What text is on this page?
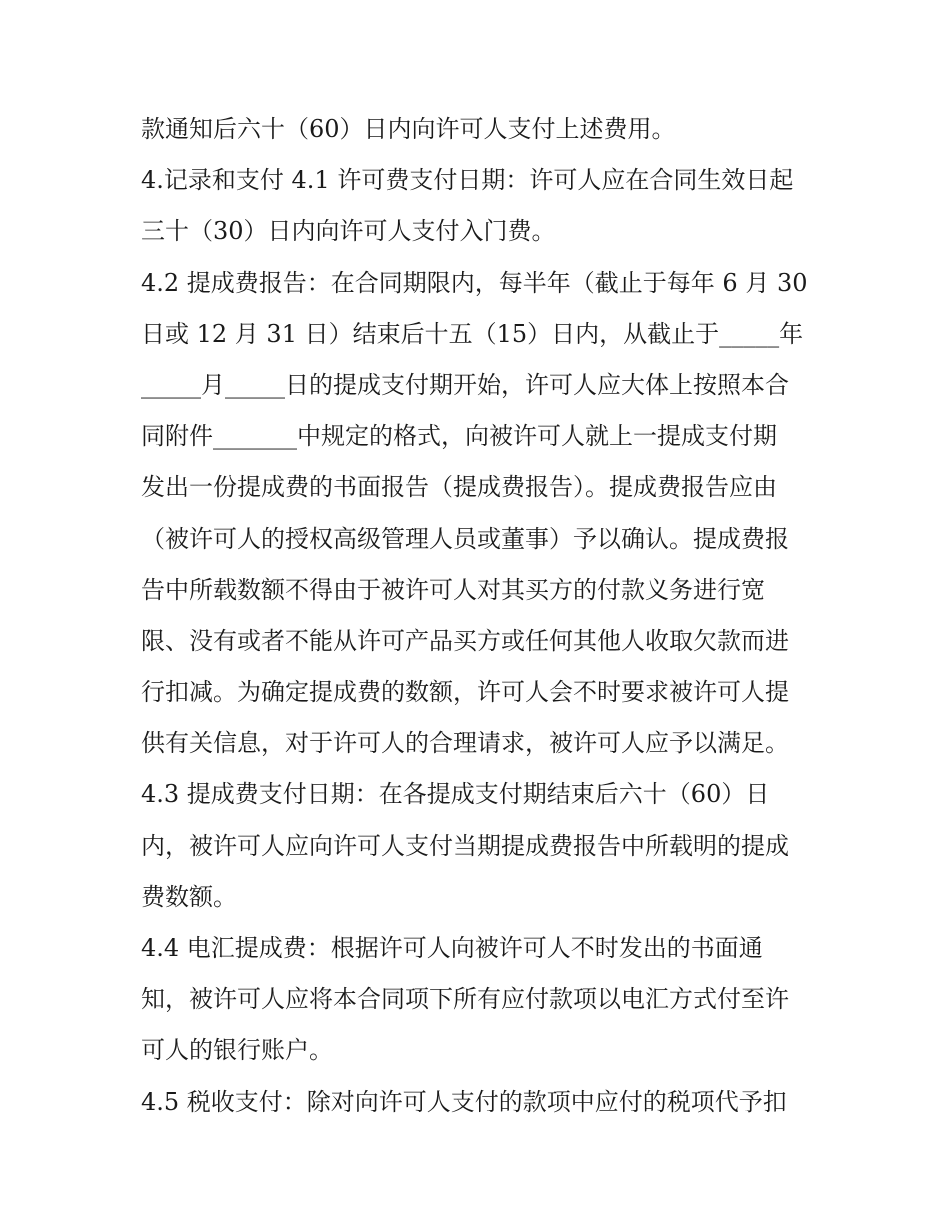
款通知后六十（60）日内向许可人支付上述费用。
4.记录和支付 4.1 许可费支付日期：许可人应在合同生效日起
三十（30）日内向许可人支付入门费。
4.2 提成费报告：在合同期限内，每半年（截止于每年 6 月 30
日或 12 月 31 日）结束后十五（15）日内，从截止于_____年
_____月_____日的提成支付期开始，许可人应大体上按照本合
同附件_______中规定的格式，向被许可人就上一提成支付期
发出一份提成费的书面报告（提成费报告）。提成费报告应由
（被许可人的授权高级管理人员或董事）予以确认。提成费报
告中所载数额不得由于被许可人对其买方的付款义务进行宽
限、没有或者不能从许可产品买方或任何其他人收取欠款而进
行扣减。为确定提成费的数额，许可人会不时要求被许可人提
供有关信息，对于许可人的合理请求，被许可人应予以满足。
4.3 提成费支付日期：在各提成支付期结束后六十（60）日
内，被许可人应向许可人支付当期提成费报告中所载明的提成
费数额。
4.4 电汇提成费：根据许可人向被许可人不时发出的书面通
知，被许可人应将本合同项下所有应付款项以电汇方式付至许
可人的银行账户。
4.5 税收支付：除对向许可人支付的款项中应付的税项代予扣
